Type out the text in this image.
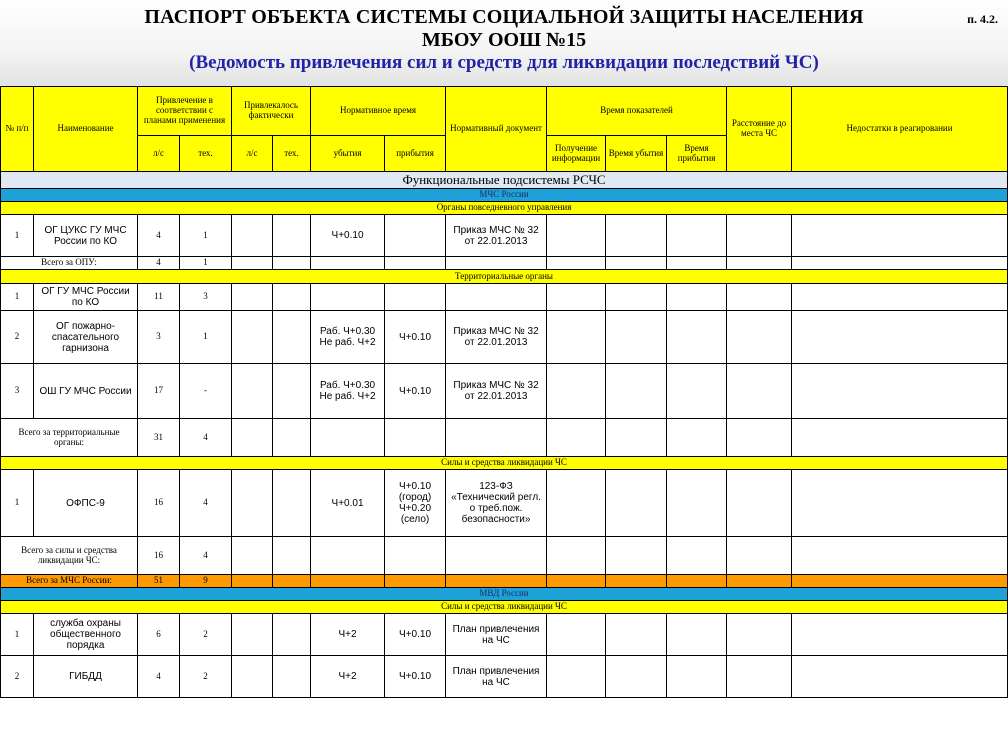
ПАСПОРТ ОБЪЕКТА СИСТЕМЫ СОЦИАЛЬНОЙ ЗАЩИТЫ НАСЕЛЕНИЯ
МБОУ ООШ №15
(Ведомость привлечения сил и средств для ликвидации последствий ЧС)
п. 4.2.
№ п/п	Наименование	Привлечение в соответствии с планами применения		Привлекалось фактически		Нормативное время		Нормативный документ	Время показателей			Расстояние до места ЧС	Недостатки в реагировании
		л/с	тех.	л/с	тех.	убытия	прибытия		Получение информации	Время убытия	Время прибытия		
Функциональные подсистемы РСЧС													
МЧС России													
Органы повседневного управления													
1	ОГ ЦУКС ГУ МЧС России по КО	4	1			Ч+0.10		Приказ МЧС № 32 от 22.01.2013					
Всего за ОПУ:		4	1										
Территориальные органы													
1	ОГ ГУ МЧС России по КО	11	3										
2	ОГ пожарно-спасательного гарнизона	3	1			Раб. Ч+0.30 Не раб. Ч+2	Ч+0.10	Приказ МЧС № 32 от 22.01.2013					
3	ОШ ГУ МЧС России	17	-			Раб. Ч+0.30 Не раб. Ч+2	Ч+0.10	Приказ МЧС № 32 от 22.01.2013					
Всего за территориальные органы:		31	4										
Силы и средства ликвидации ЧС													
1	ОФПС-9	16	4			Ч+0.01	Ч+0.10 (город) Ч+0.20 (село)	123-ФЗ «Технический регл. о треб.пож. безопасности»					
Всего за силы и средства ликвидации ЧС:		16	4										
Всего за МЧС России:		51	9										
МВД России													
Силы и средства ликвидации ЧС													
1	служба охраны общественного порядка	6	2			Ч+2	Ч+0.10	План привлечения на ЧС					
2	ГИБДД	4	2			Ч+2	Ч+0.10	План привлечения на ЧС					
